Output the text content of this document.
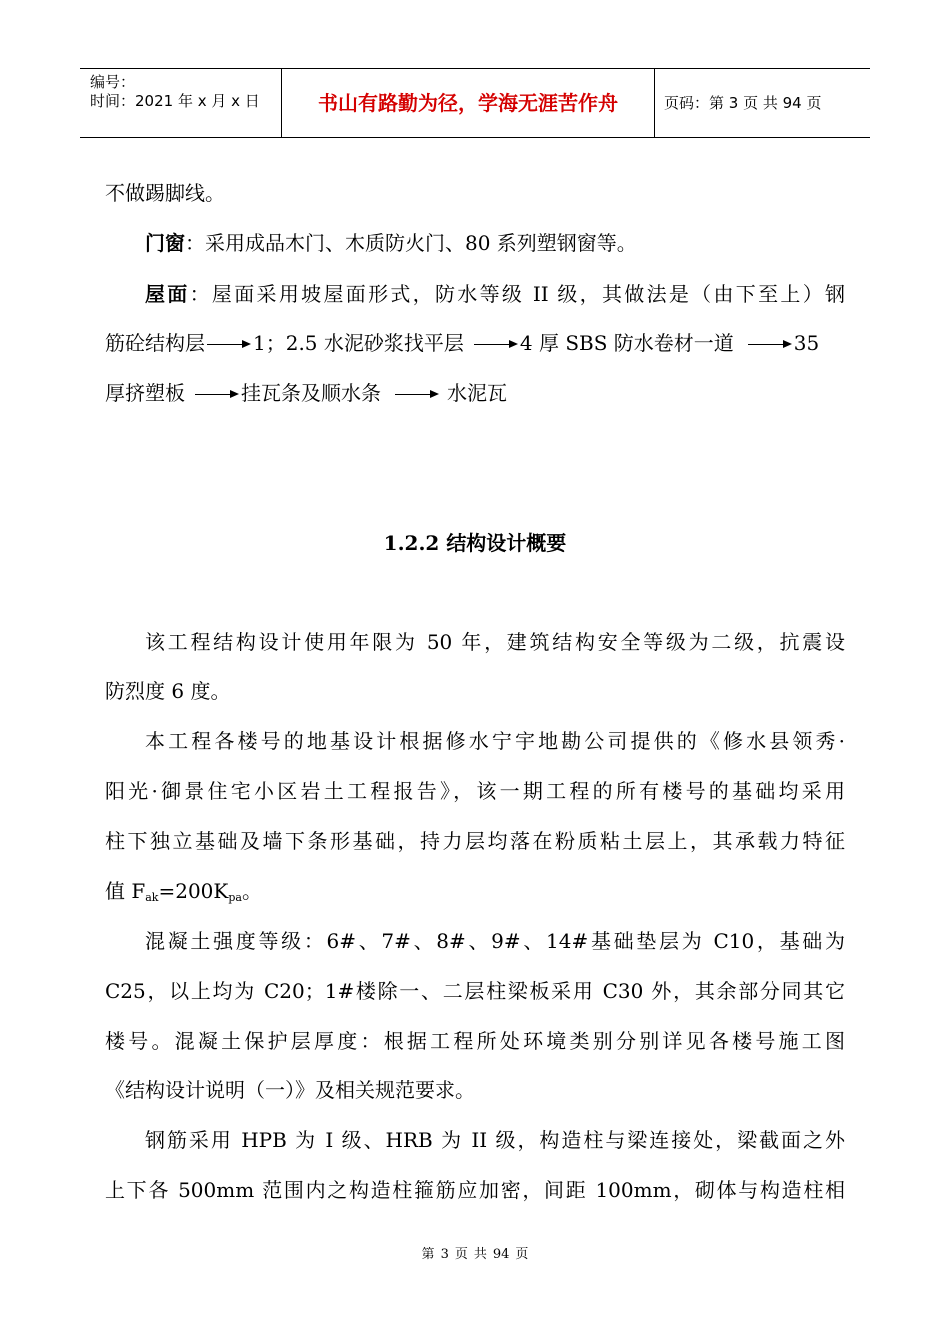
编号：
时间：2021 年 x 月 x 日	书山有路勤为径，学海无涯苦作舟	页码：第 3 页 共 94 页
不做踢脚线。
门窗：采用成品木门、木质防火门、80 系列塑钢窗等。
屋面：屋面采用坡屋面形式，防水等级 II 级，其做法是（由下至上）钢
筋砼结构层 1；2.5 水泥砂浆找平层	4 厚 SBS 防水卷材一道	35
厚挤塑板	挂瓦条及顺水条	水泥瓦
1.2.2 结构设计概要
该工程结构设计使用年限为 50 年，建筑结构安全等级为二级，抗震设
防烈度 6 度。
本工程各楼号的地基设计根据修水宁宇地勘公司提供的《修水县领秀·
阳光·御景住宅小区岩土工程报告》，该一期工程的所有楼号的基础均采用
柱下独立基础及墙下条形基础，持力层均落在粉质粘土层上，其承载力特征
值 $F_{ak}=200K_{pa}$。
混凝土强度等级：6#、7#、8#、9#、14#基础垫层为 C10，基础为
C25，以上均为 C20；1#楼除一、二层柱梁板采用 C30 外，其余部分同其它
楼号。混凝土保护层厚度：根据工程所处环境类别分别详见各楼号施工图
《结构设计说明（一）》及相关规范要求。
钢筋采用 HPB 为 I 级、HRB 为 II 级，构造柱与梁连接处，梁截面之外
上下各 500mm 范围内之构造柱箍筋应加密，间距 100mm，砌体与构造柱相
第 3 页 共 94 页
